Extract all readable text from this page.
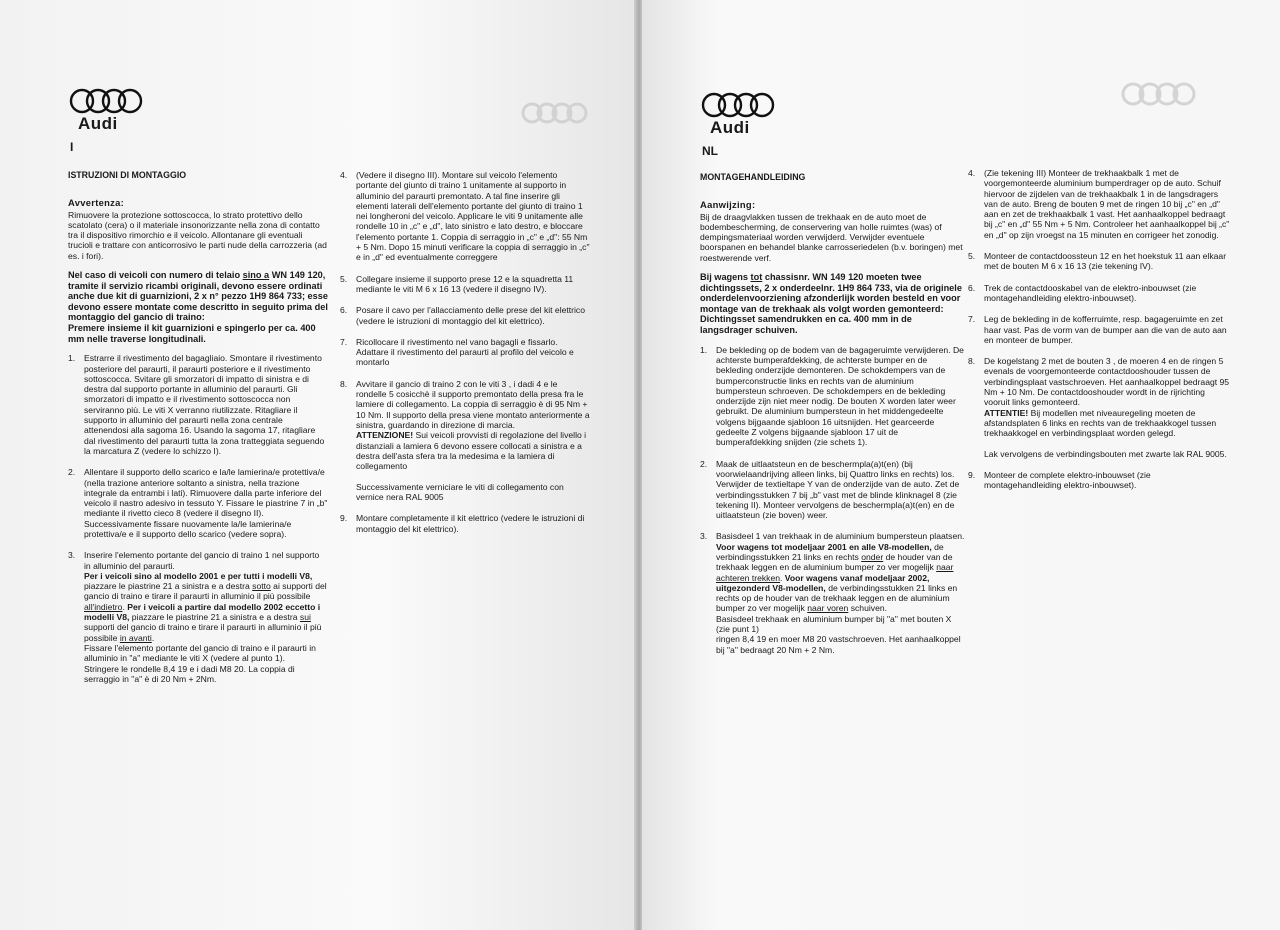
Audi
I
ISTRUZIONI DI MONTAGGIO
Avvertenza:

Rimuovere la protezione sottoscocca, lo strato protettivo dello scatolato (cera) o il materiale insonorizzante nella zona di contatto tra il dispositivo rimorchio e il veicolo. Allontanare gli eventuali trucioli e trattare con anticorrosivo le parti nude della carrozzeria (ad es. i fori).

Nel caso di veicoli con numero di telaio sino a WN 149 120, tramite il servizio ricambi originali, devono essere ordinati anche due kit di guarnizioni, 2 x n° pezzo 1H9 864 733; esse devono essere montate come descritto in seguito prima del montaggio del gancio di traino:
Premere insieme il kit guarnizioni e spingerlo per ca. 400 mm nelle traverse longitudinali.
1.	Estrarre il rivestimento del bagagliaio. Smontare il rivestimento posteriore del paraurti, il paraurti posteriore e il rivestimento sottoscocca. Svitare gli smorzatori di impatto di sinistra e di destra dal supporto portante in alluminio del paraurti. Gli smorzatori di impatto e il rivestimento sottoscocca non serviranno più. Le viti X verranno riutilizzate. Ritagliare il supporto in alluminio del paraurti nella zona centrale attenendosi alla sagoma 16. Usando la sagoma 17, ritagliare dal rivestimento del paraurti tutta la zona tratteggiata seguendo la marcatura Z (vedere lo schizzo I).
2.	Allentare il supporto dello scarico e la/le lamierina/e protettiva/e (nella trazione anteriore soltanto a sinistra, nella trazione integrale da entrambi i lati). Rimuovere dalla parte inferiore del veicolo il nastro adesivo in tessuto Y. Fissare le piastrine 7 in „b" mediante il rivetto cieco 8 (vedere il disegno II). Successivamente fissare nuovamente la/le lamierina/e protettiva/e e il supporto dello scarico (vedere sopra).
3.	Inserire l'elemento portante del gancio di traino 1 nel supporto in alluminio del paraurti.
Per i veicoli sino al modello 2001 e per tutti i modelli V8, piazzare le piastrine 21 a sinistra e a destra sotto ai supporti del gancio di traino e tirare il paraurti in alluminio il più possibile all'indietro. Per i veicoli a partire dal modello 2002 eccetto i modelli V8, piazzare le piastrine 21 a sinistra e a destra sui supporti del gancio di traino e tirare il paraurti in alluminio il più possibile in avanti.
Fissare l'elemento portante del gancio di traino e il paraurti in alluminio in "a" mediante le viti X (vedere al punto 1).
Stringere le rondelle 8,4 19 e i dadi M8 20. La coppia di serraggio in "a" è di 20 Nm + 2Nm.
4.	(Vedere il disegno III). Montare sul veicolo l'elemento portante del giunto di traino 1 unitamente al supporto in alluminio del paraurti premontato. A tal fine inserire gli elementi laterali dell'elemento portante del giunto di traino 1 nei longheroni del veicolo. Applicare le viti 9 unitamente alle rondelle 10 in „c" e „d", lato sinistro e lato destro, e bloccare l'elemento portante 1. Coppia di serraggio in „c" e „d": 55 Nm + 5 Nm. Dopo 15 minuti verificare la coppia di serraggio in „c" e in „d" ed eventualmente correggere
5.	Collegare insieme il supporto prese 12 e la squadretta 11 mediante le viti M 6 x 16 13 (vedere il disegno IV).
6.	Posare il cavo per l'allacciamento delle prese del kit elettrico (vedere le istruzioni di montaggio del kit elettrico).
7.	Ricollocare il rivestimento nel vano bagagli e fissarlo. Adattare il rivestimento del paraurti al profilo del veicolo e montarlo
8.	Avvitare il gancio di traino 2 con le viti 3 , i dadi 4 e le rondelle 5 cosicchè il supporto premontato della presa fra le lamiere di collegamento. La coppia di serraggio è di 95 Nm + 10 Nm. Il supporto della presa viene montato anteriormente a sinistra, guardando in direzione di marcia.
ATTENZIONE! Sui veicoli provvisti di regolazione del livello i distanziali a lamiera 6 devono essere collocati a sinistra e a destra dell'asta sfera tra la medesima e la lamiera di collegamento

Successivamente verniciare le viti di collegamento con vernice nera RAL 9005
9.	Montare completamente il kit elettrico (vedere le istruzioni di montaggio del kit elettrico).
Audi
NL
MONTAGEHANDLEIDING
Aanwijzing:

Bij de draagvlakken tussen de trekhaak en de auto moet de bodembescherming, de conservering van holle ruimtes (was) of dempingsmateriaal worden verwijderd. Verwijder eventuele boorspanen en behandel blanke carrosseriedelen (b.v. boringen) met roestwerende verf.

Bij wagens tot chassisnr. WN 149 120 moeten twee dichtingssets, 2 x onderdeelnr. 1H9 864 733, via de originele onderdelenvoorziening afzonderlijk worden besteld en voor montage van de trekhaak als volgt worden gemonteerd:
Dichtingsset samendrukken en ca. 400 mm in de langsdrager schuiven.
1.	De bekleding op de bodem van de bagageruimte verwijderen. De achterste bumperafdekking, de achterste bumper en de bekleding onderzijde demonteren. De schokdempers van de bumperconstructie links en rechts van de aluminium bumpersteun schroeven. De schokdempers en de bekleding onderzijde zijn niet meer nodig. De bouten X worden later weer gebruikt. De aluminium bumpersteun in het middengedeelte volgens bijgaande sjabloon 16 uitsnijden. Het gearceerde gedeelte Z volgens bijgaande sjabloon 17 uit de bumperafdekking snijden (zie schets 1).
2.	Maak de uitlaatsteun en de beschermpla(a)t(en) (bij voorwielaandrijving alleen links, bij Quattro links en rechts) los. Verwijder de textieltape Y van de onderzijde van de auto. Zet de verbindingsstukken 7 bij „b" vast met de blinde klinknagel 8 (zie tekening II). Monteer vervolgens de beschermpla(a)t(en) en de uitlaatsteun (zie boven) weer.
3.	Basisdeel 1 van trekhaak in de aluminium bumpersteun plaatsen.
Voor wagens tot modeljaar 2001 en alle V8-modellen, de verbindingsstukken 21 links en rechts onder de houder van de trekhaak leggen en de aluminium bumper zo ver mogelijk naar achteren trekken. Voor wagens vanaf modeljaar 2002, uitgezonderd V8-modellen, de verbindingsstukken 21 links en rechts op de houder van de trekhaak leggen en de aluminium bumper zo ver mogelijk naar voren schuiven.
Basisdeel trekhaak en aluminium bumper bij "a" met bouten X (zie punt 1)
ringen 8,4 19 en moer M8 20 vastschroeven. Het aanhaalkoppel bij "a" bedraagt 20 Nm + 2 Nm.
4.	(Zie tekening III) Monteer de trekhaakbalk 1 met de voorgemonteerde aluminium bumperdrager op de auto. Schuif hiervoor de zijdelen van de trekhaakbalk 1 in de langsdragers van de auto. Breng de bouten 9 met de ringen 10 bij „c" en „d" aan en zet de trekhaakbalk 1 vast. Het aanhaalkoppel bedraagt bij „c" en „d" 55 Nm + 5 Nm. Controleer het aanhaalkoppel bij „c" en „d" op zijn vroegst na 15 minuten en corrigeer het zonodig.
5.	Monteer de contactdoossteun 12 en het hoekstuk 11 aan elkaar met de bouten M 6 x 16 13 (zie tekening IV).
6.	Trek de contactdooskabel van de elektro-inbouwset (zie montagehandleiding elektro-inbouwset).
7.	Leg de bekleding in de kofferruimte, resp. bagageruimte en zet haar vast. Pas de vorm van de bumper aan die van de auto aan en monteer de bumper.
8.	De kogelstang 2 met de bouten 3 , de moeren 4 en de ringen 5 evenals de voorgemonteerde contactdooshouder tussen de verbindingsplaat vastschroeven. Het aanhaalkoppel bedraagt 95 Nm + 10 Nm. De contactdooshouder wordt in de rijrichting vooruit links gemonteerd.
ATTENTIE! Bij modellen met niveauregeling moeten de afstandsplaten 6 links en rechts van de trekhaakkogel tussen trekhaakkogel en verbindingsplaat worden gelegd.

Lak vervolgens de verbindingsbouten met zwarte lak RAL 9005.
9.	Monteer de complete elektro-inbouwset (zie montagehandleiding elektro-inbouwset).
